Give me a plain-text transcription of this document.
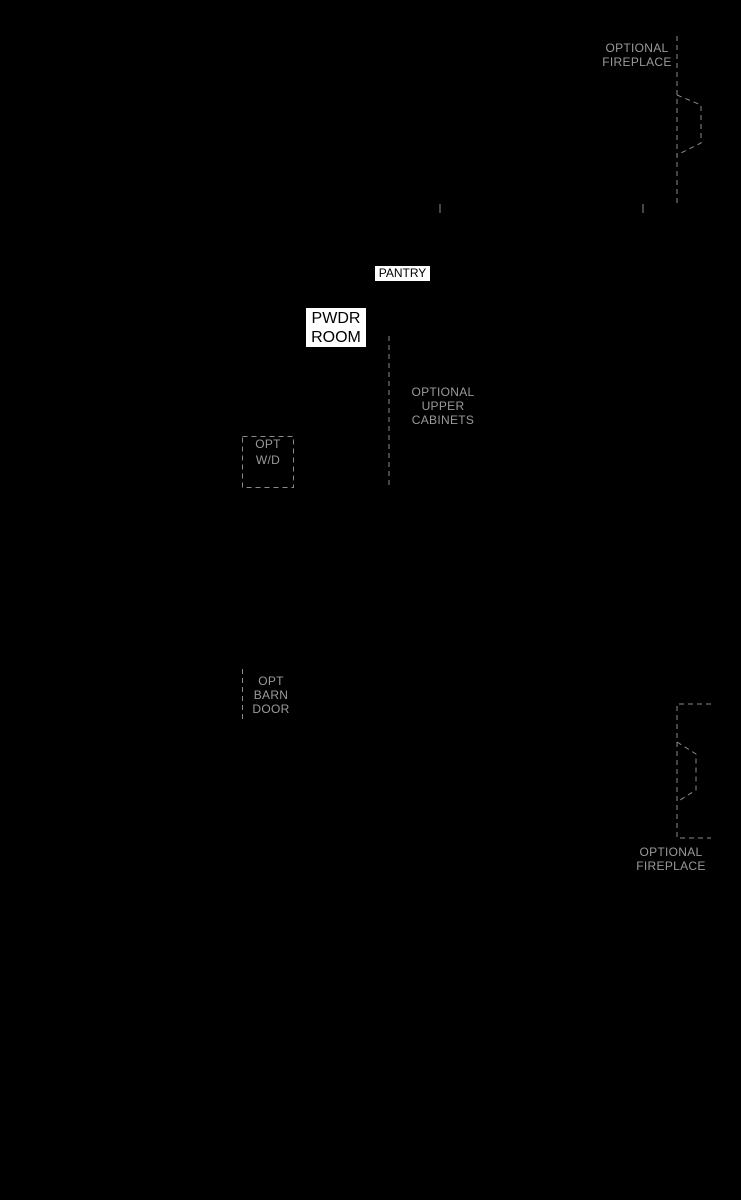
OPTIONAL
FIREPLACE
PANTRY
PWDR
ROOM
OPTIONAL
UPPER
CABINETS
OPT
W/D
OPT
BARN
DOOR
OPTIONAL
FIREPLACE
